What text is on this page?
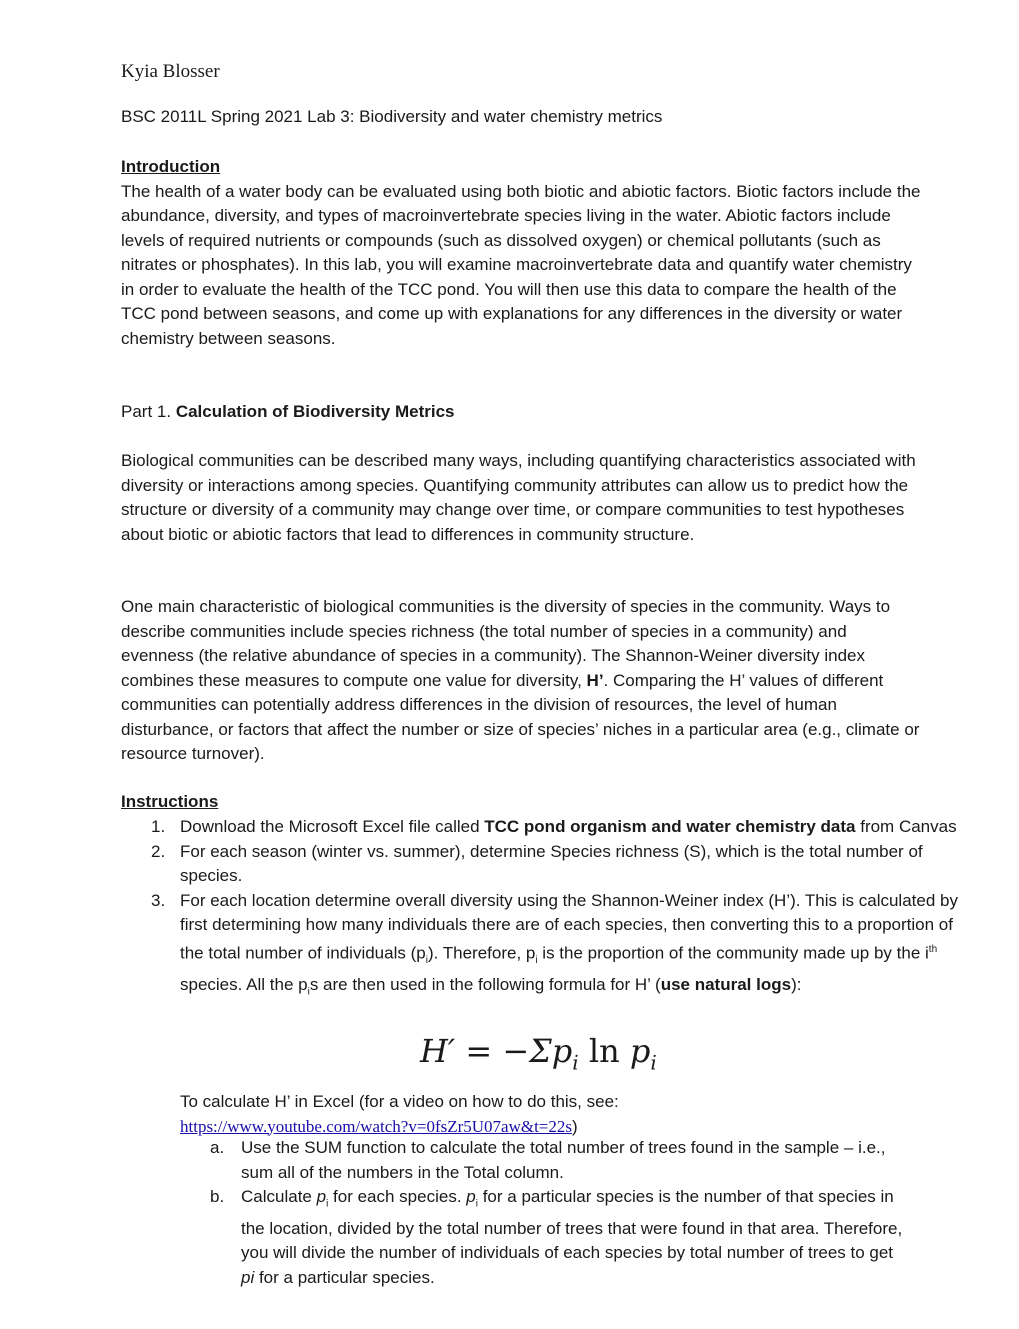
Kyia Blosser
BSC 2011L Spring 2021 Lab 3: Biodiversity and water chemistry metrics
Introduction
The health of a water body can be evaluated using both biotic and abiotic factors. Biotic factors include the abundance, diversity, and types of macroinvertebrate species living in the water. Abiotic factors include levels of required nutrients or compounds (such as dissolved oxygen) or chemical pollutants (such as nitrates or phosphates). In this lab, you will examine macroinvertebrate data and quantify water chemistry in order to evaluate the health of the TCC pond. You will then use this data to compare the health of the TCC pond between seasons, and come up with explanations for any differences in the diversity or water chemistry between seasons.
Part 1. Calculation of Biodiversity Metrics
Biological communities can be described many ways, including quantifying characteristics associated with diversity or interactions among species. Quantifying community attributes can allow us to predict how the structure or diversity of a community may change over time, or compare communities to test hypotheses about biotic or abiotic factors that lead to differences in community structure.
One main characteristic of biological communities is the diversity of species in the community. Ways to describe communities include species richness (the total number of species in a community) and evenness (the relative abundance of species in a community). The Shannon-Weiner diversity index combines these measures to compute one value for diversity, H’. Comparing the H’ values of different communities can potentially address differences in the division of resources, the level of human disturbance, or factors that affect the number or size of species’ niches in a particular area (e.g., climate or resource turnover).
Instructions
1. Download the Microsoft Excel file called TCC pond organism and water chemistry data from Canvas
2. For each season (winter vs. summer), determine Species richness (S), which is the total number of species.
3. For each location determine overall diversity using the Shannon-Weiner index (H’). This is calculated by first determining how many individuals there are of each species, then converting this to a proportion of the total number of individuals $(p_i)$. Therefore, $p_i$ is the proportion of the community made up by the $i^{th}$ species. All the $p_is$ are then used in the following formula for H’ (use natural logs):
$H' = -\Sigma p_i$ $\ln p_i$
To calculate H’ in Excel (for a video on how to do this, see:
https://www.youtube.com/watch?v=0fsZr5U07aw&t=22s)
a. Use the SUM function to calculate the total number of trees found in the sample – i.e., sum all of the numbers in the Total column.
b. Calculate $p_i$ for each species. $p_i$ for a particular species is the number of that species in the location, divided by the total number of trees that were found in that area. Therefore, you will divide the number of individuals of each species by total number of trees to get pi for a particular species.
